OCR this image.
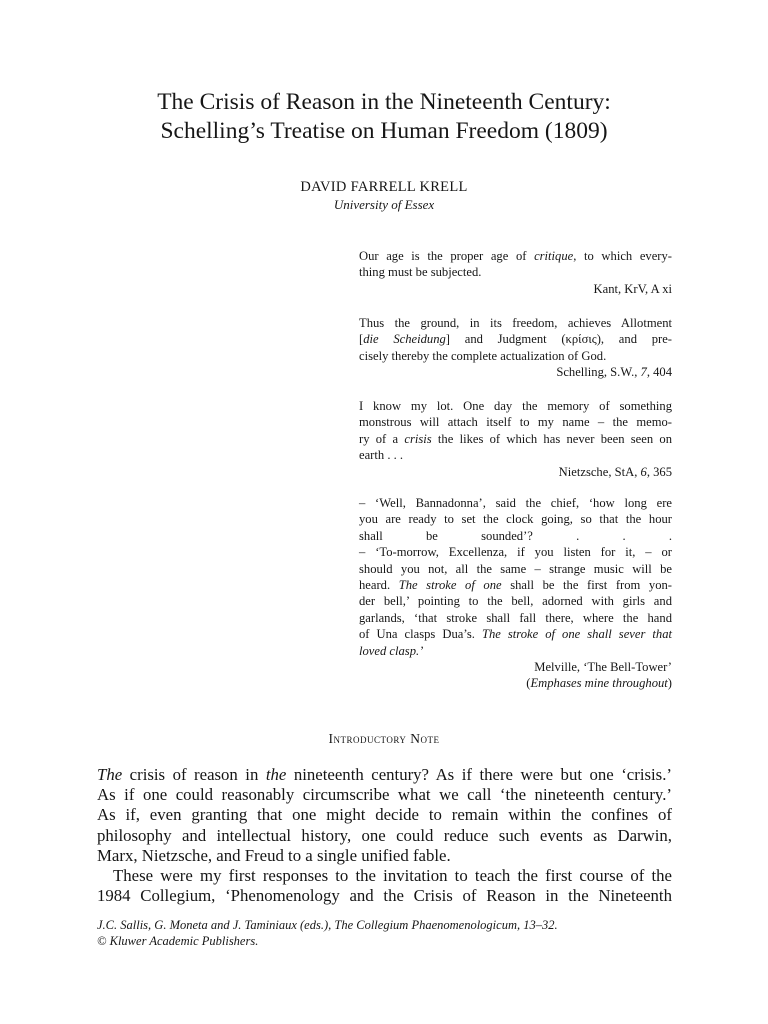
The Crisis of Reason in the Nineteenth Century:
Schelling’s Treatise on Human Freedom (1809)
DAVID FARRELL KRELL
University of Essex

Our age is the proper age of critique, to which every-
thing must be subjected.

Kant, KrV, A xi

Thus the ground, in its freedom, achieves Allotment
[die Scheidung] and Judgment (κρίσις), and pre-
cisely thereby the complete actualization of God.

Schelling, S.W., 7, 404

I know my lot. One day the memory of something
monstrous will attach itself to my name – the memo-
ry of a crisis the likes of which has never been seen on
earth . . .

Nietzsche, StA, 6, 365

– ‘Well, Bannadonna’, said the chief, ‘how long ere
you are ready to set the clock going, so that the hour
shall be sounded’? . . .
– ‘To-morrow, Excellenza, if you listen for it, – or
should you not, all the same – strange music will be
heard. The stroke of one shall be the first from yon-
der bell,’ pointing to the bell, adorned with girls and
garlands, ‘that stroke shall fall there, where the hand
of Una clasps Dua’s. The stroke of one shall sever that
loved clasp.’

Melville, ‘The Bell-Tower’
(Emphases mine throughout)
Introductory Note
The crisis of reason in the nineteenth century? As if there were but one ‘crisis.’
As if one could reasonably circumscribe what we call ‘the nineteenth century.’
As if, even granting that one might decide to remain within the confines of
philosophy and intellectual history, one could reduce such events as Darwin,
Marx, Nietzsche, and Freud to a single unified fable.
These were my first responses to the invitation to teach the first course of the
1984 Collegium, ‘Phenomenology and the Crisis of Reason in the Nineteenth
J.C. Sallis, G. Moneta and J. Taminiaux (eds.), The Collegium Phaenomenologicum, 13–32.
© Kluwer Academic Publishers.
